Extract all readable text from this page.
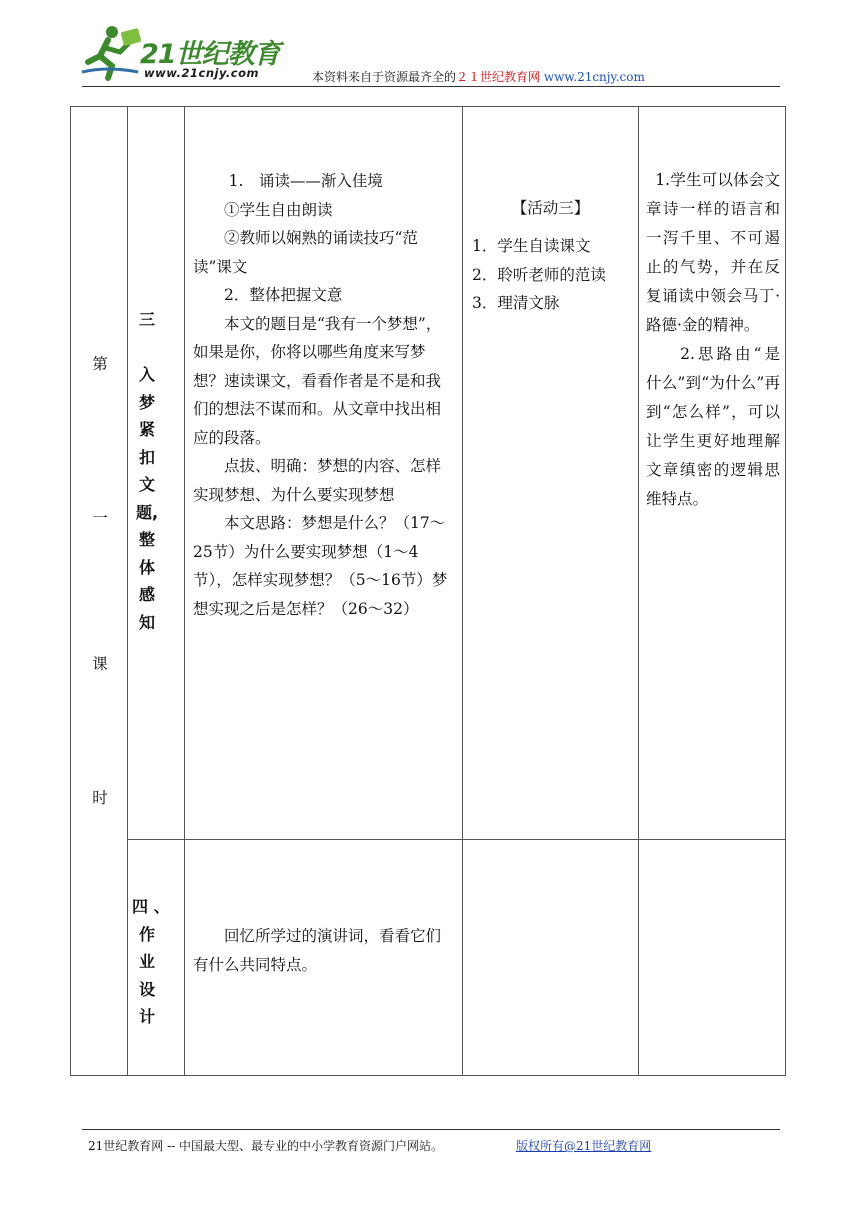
21世纪教育
www.21cnjy.com	本资料来自于资源最齐全的２１世纪教育网 www.21cnjy.com
第
一
课
时
三
入
梦
紧
扣
文
题,
整
体
感
知
四 、
作
业
设
计

1.　诵读——渐入佳境

①学生自由朗读

②教师以娴熟的诵读技巧“范读”课文

2．整体把握文意

本文的题目是“我有一个梦想”，如果是你，你将以哪些角度来写梦想？速读课文，看看作者是不是和我们的想法不谋而和。从文章中找出相应的段落。

点拔、明确：梦想的内容、怎样实现梦想、为什么要实现梦想

本文思路：梦想是什么？（17～25节）为什么要实现梦想（1～4节），怎样实现梦想？（5～16节）梦想实现之后是怎样？（26～32）

【活动三】
1．学生自读课文
2．聆听老师的范读
3．理清文脉

1.学生可以体会文章诗一样的语言和一泻千里、不可遏止的气势，并在反复诵读中领会马丁·路德·金的精神。

2.思路由“是什么”到“为什么”再到“怎么样”，可以让学生更好地理解文章缜密的逻辑思维特点。

回忆所学过的演讲词，看看它们有什么共同特点。

21世纪教育网 -- 中国最大型、最专业的中小学教育资源门户网站。	版权所有@21世纪教育网
